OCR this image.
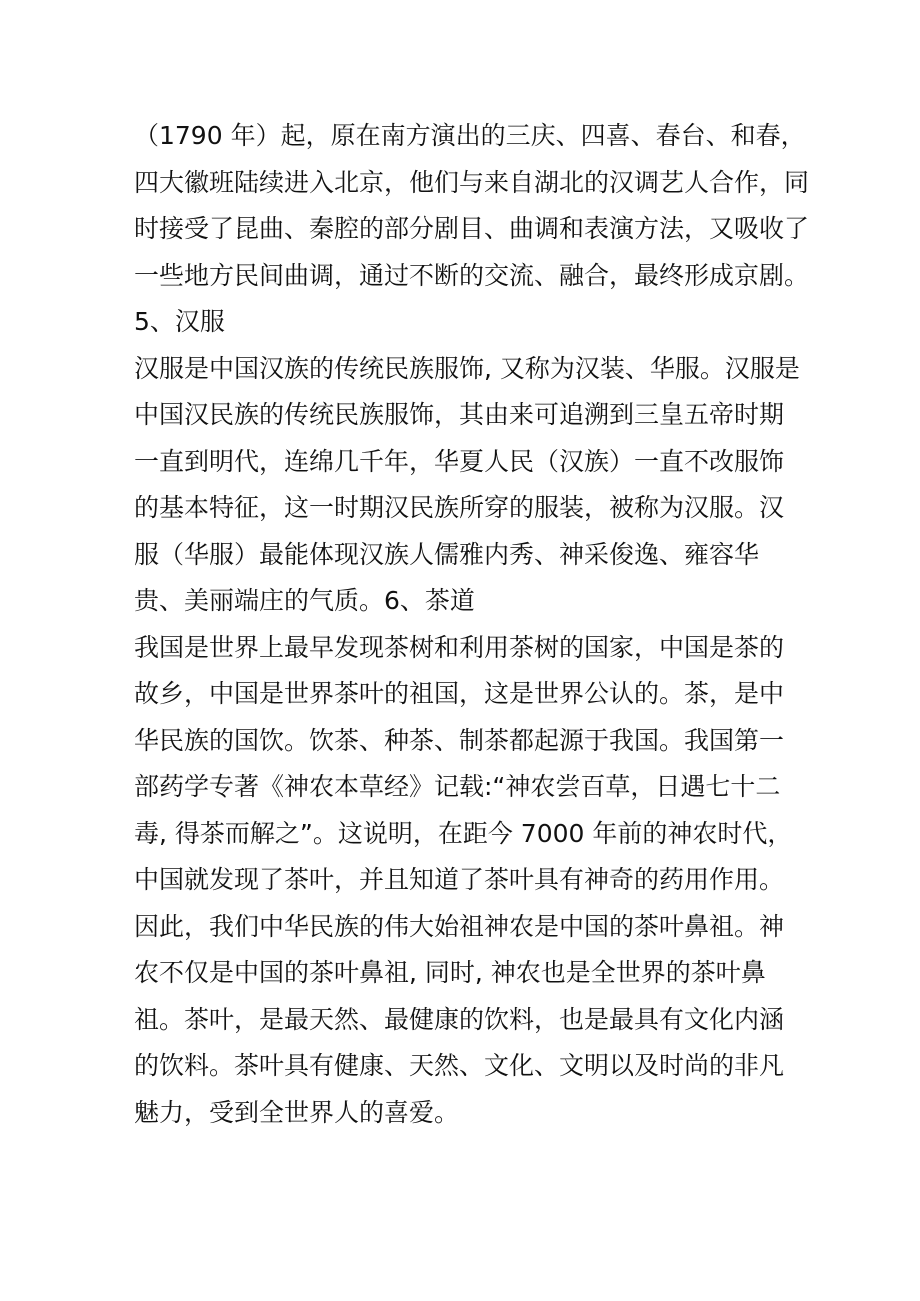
（1790 年）起，原在南方演出的三庆、四喜、春台、和春，
四大徽班陆续进入北京，他们与来自湖北的汉调艺人合作，同
时接受了昆曲、秦腔的部分剧目、曲调和表演方法，又吸收了
一些地方民间曲调，通过不断的交流、融合，最终形成京剧。
5、汉服
汉服是中国汉族的传统民族服饰, 又称为汉装、华服。汉服是
中国汉民族的传统民族服饰，其由来可追溯到三皇五帝时期
一直到明代，连绵几千年，华夏人民（汉族）一直不改服饰
的基本特征，这一时期汉民族所穿的服装，被称为汉服。汉
服（华服）最能体现汉族人儒雅内秀、神采俊逸、雍容华
贵、美丽端庄的气质。6、茶道
我国是世界上最早发现茶树和利用茶树的国家，中国是茶的
故乡，中国是世界茶叶的祖国，这是世界公认的。茶，是中
华民族的国饮。饮茶、种茶、制茶都起源于我国。我国第一
部药学专著《神农本草经》记载:“神农尝百草，日遇七十二
毒, 得茶而解之”。这说明，在距今 7000 年前的神农时代，
中国就发现了茶叶，并且知道了茶叶具有神奇的药用作用。
因此，我们中华民族的伟大始祖神农是中国的茶叶鼻祖。神
农不仅是中国的茶叶鼻祖, 同时, 神农也是全世界的茶叶鼻
祖。茶叶，是最天然、最健康的饮料，也是最具有文化内涵
的饮料。茶叶具有健康、天然、文化、文明以及时尚的非凡
魅力，受到全世界人的喜爱。
